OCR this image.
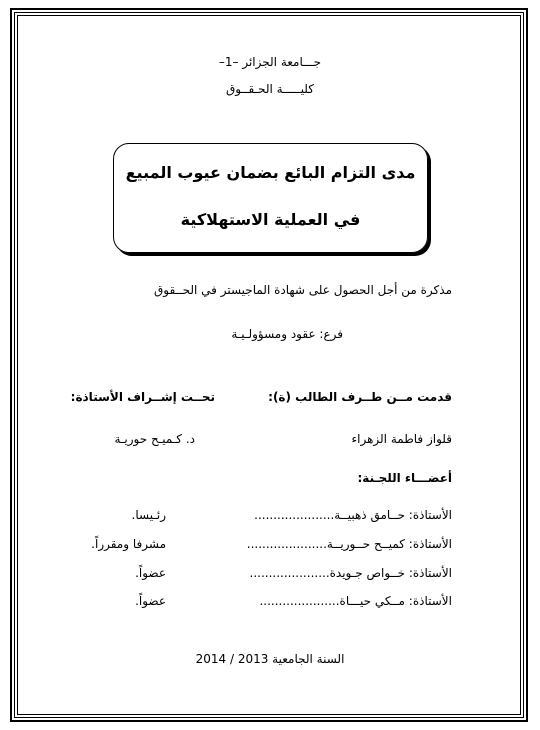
جـــامعة الجزائر –1–
كليـــــة الحـقــوق
مدى التزام البائع بضمان عيوب المبيع
في العملية الاستهلاكية
مذكرة من أجل الحصول على شهادة الماجيستر في الحــقوق
فرع: عقود ومسؤولـيـة
قدمت مــن طــرف الطالب (ة):
تحــت إشــراف الأستاذة:
قلواز فاطمة الزهراء
د. كـميـح حوريـة
أعضـــاء اللجـنة:
الأستاذة: حــامق ذهبيــة.....................
رئـيسا.
الأستاذة: كميــح حــوريــة.....................
مشرفا ومقرراً.
الأستاذة: خــواص جـويدة.....................
عضواً.
الأستاذة: مــكي حيـــاة.....................
عضواً.
السنة الجامعية 2013 / 2014
